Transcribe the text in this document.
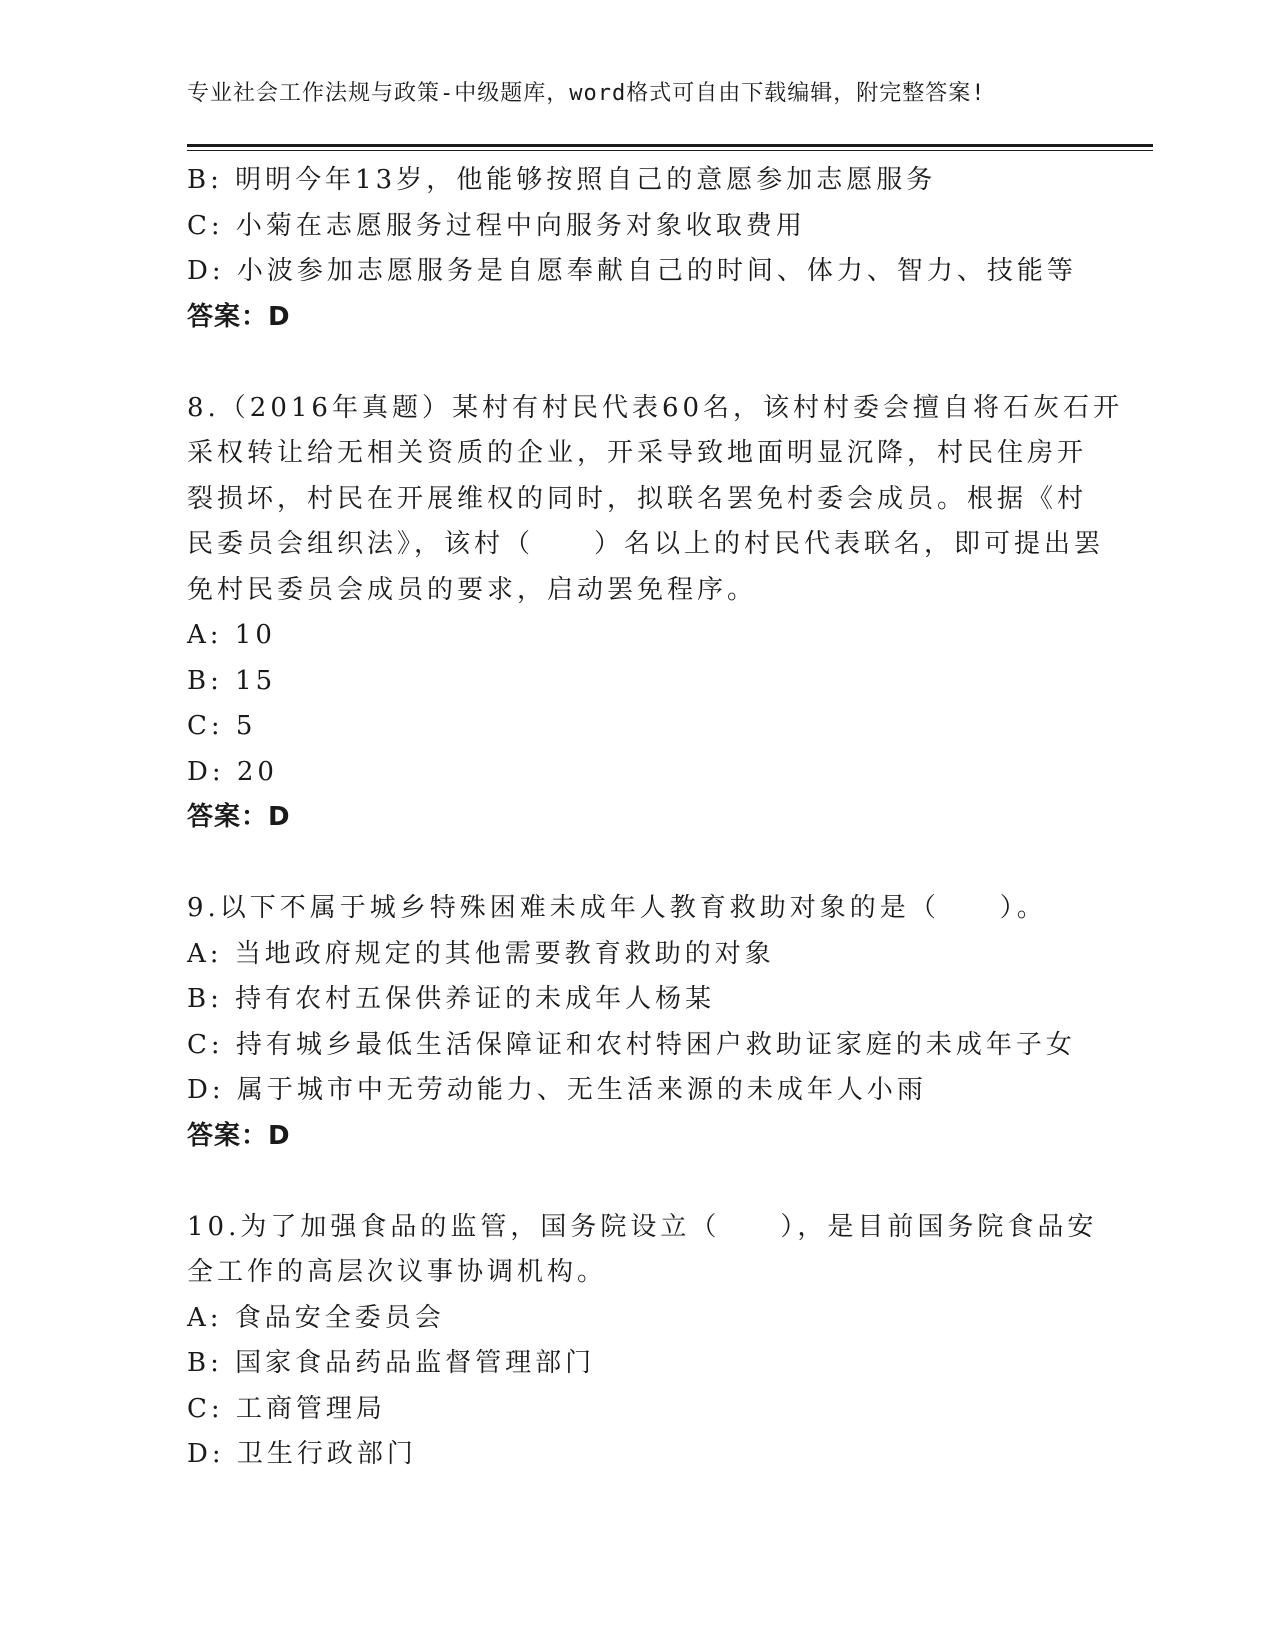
专业社会工作法规与政策-中级题库，word格式可自由下载编辑，附完整答案!
B: 明明今年13岁，他能够按照自己的意愿参加志愿服务
C: 小菊在志愿服务过程中向服务对象收取费用
D: 小波参加志愿服务是自愿奉献自己的时间、体力、智力、技能等
答案：D
8.（2016年真题）某村有村民代表60名，该村村委会擅自将石灰石开
采权转让给无相关资质的企业，开采导致地面明显沉降，村民住房开
裂损坏，村民在开展维权的同时，拟联名罢免村委会成员。根据《村
民委员会组织法》，该村（　　）名以上的村民代表联名，即可提出罢
免村民委员会成员的要求，启动罢免程序。
A: 10
B: 15
C: 5
D: 20
答案：D
9.以下不属于城乡特殊困难未成年人教育救助对象的是（　　）。
A: 当地政府规定的其他需要教育救助的对象
B: 持有农村五保供养证的未成年人杨某
C: 持有城乡最低生活保障证和农村特困户救助证家庭的未成年子女
D: 属于城市中无劳动能力、无生活来源的未成年人小雨
答案：D
10.为了加强食品的监管，国务院设立（　　），是目前国务院食品安
全工作的高层次议事协调机构。
A: 食品安全委员会
B: 国家食品药品监督管理部门
C: 工商管理局
D: 卫生行政部门
